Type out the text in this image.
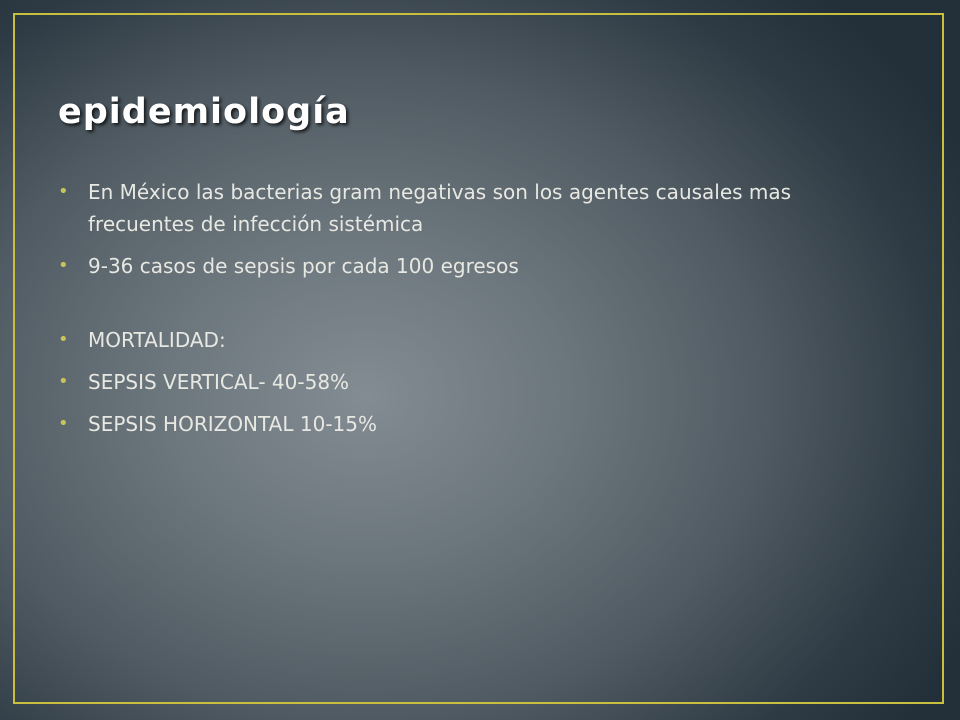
epidemiología
• En México las bacterias gram negativas son los agentes causales mas frecuentes de infección sistémica
• 9-36 casos de sepsis por cada 100 egresos
• MORTALIDAD:
• SEPSIS VERTICAL- 40-58%
• SEPSIS HORIZONTAL 10-15%
